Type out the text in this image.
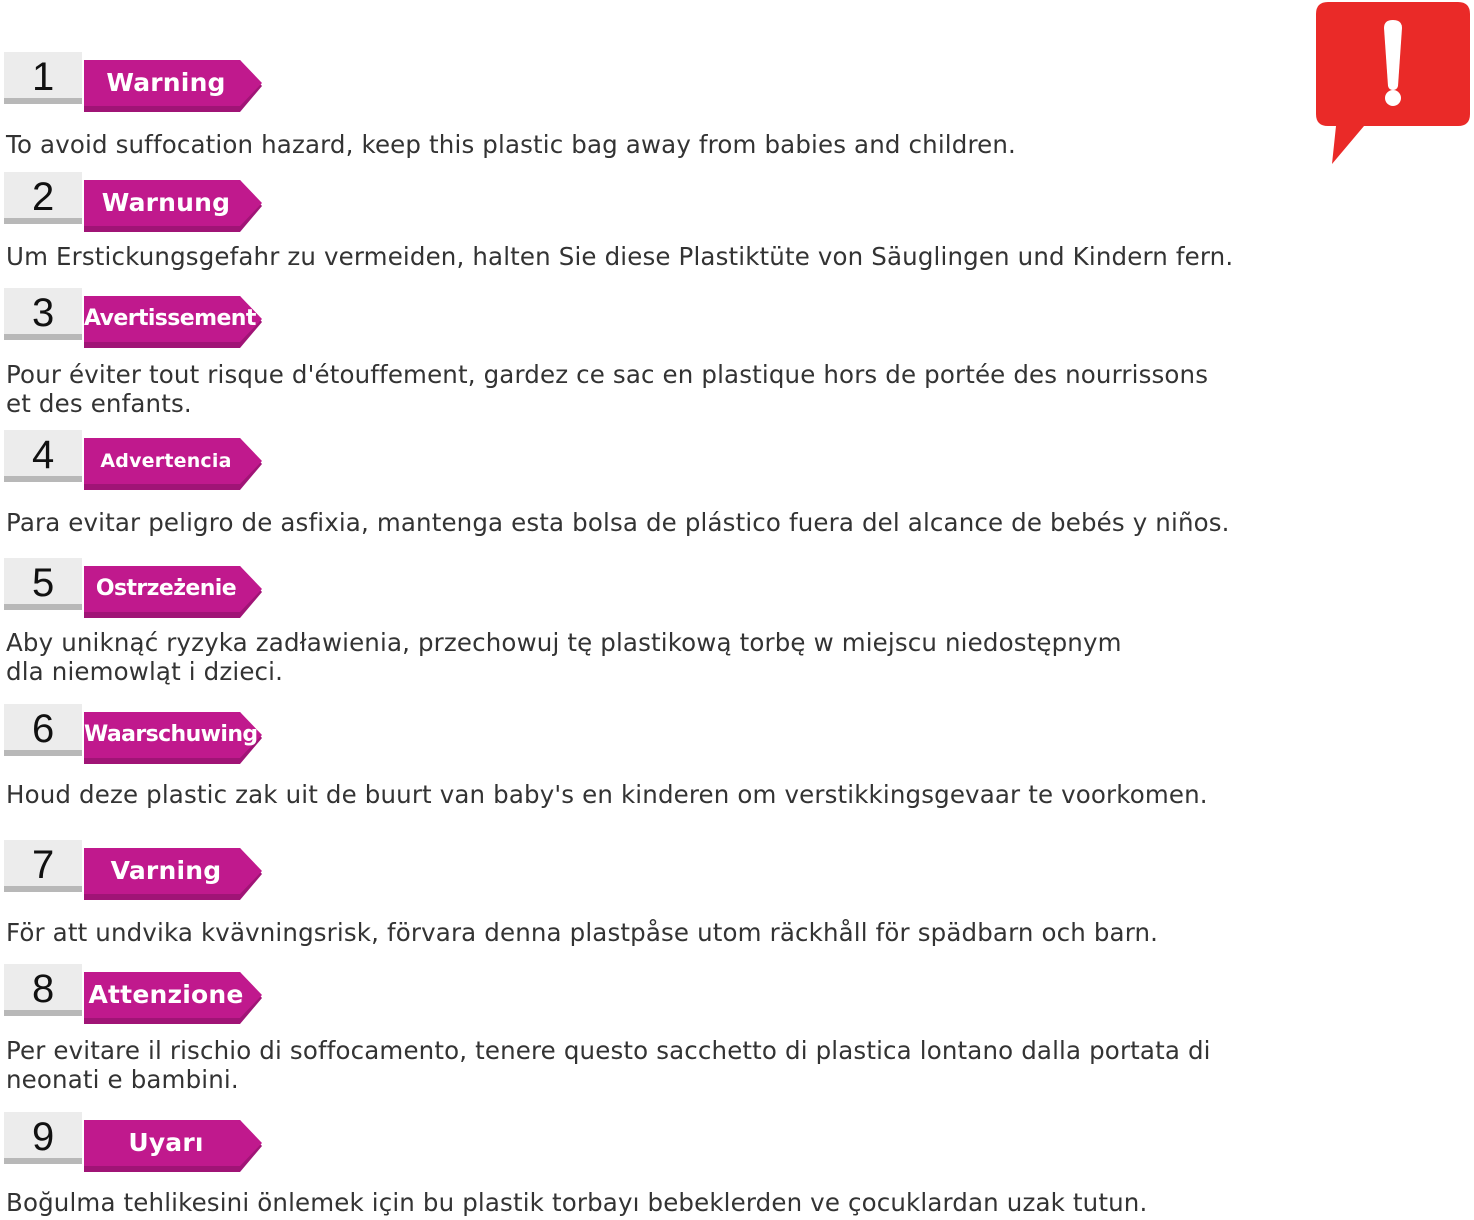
1	Warning
To avoid suffocation hazard, keep this plastic bag away from babies and children.
2	Warnung
Um Erstickungsgefahr zu vermeiden, halten Sie diese Plastiktüte von Säuglingen und Kindern fern.
3 Avertissement
Pour éviter tout risque d'étouffement, gardez ce sac en plastique hors de portée des nourrissons et des enfants.
4	Advertencia
Para evitar peligro de asfixia, mantenga esta bolsa de plástico fuera del alcance de bebés y niños.
5	Ostrzeżenie
Aby uniknąć ryzyka zadławienia, przechowuj tę plastikową torbę w miejscu niedostępnym dla niemowląt i dzieci.
6 Waarschuwing
Houd deze plastic zak uit de buurt van baby's en kinderen om verstikkingsgevaar te voorkomen.
7	Varning
För att undvika kvävningsrisk, förvara denna plastpåse utom räckhåll för spädbarn och barn.
8 Attenzione
Per evitare il rischio di soffocamento, tenere questo sacchetto di plastica lontano dalla portata di neonati e bambini.
9	Uyarı
Boğulma tehlikesini önlemek için bu plastik torbayı bebeklerden ve çocuklardan uzak tutun.
